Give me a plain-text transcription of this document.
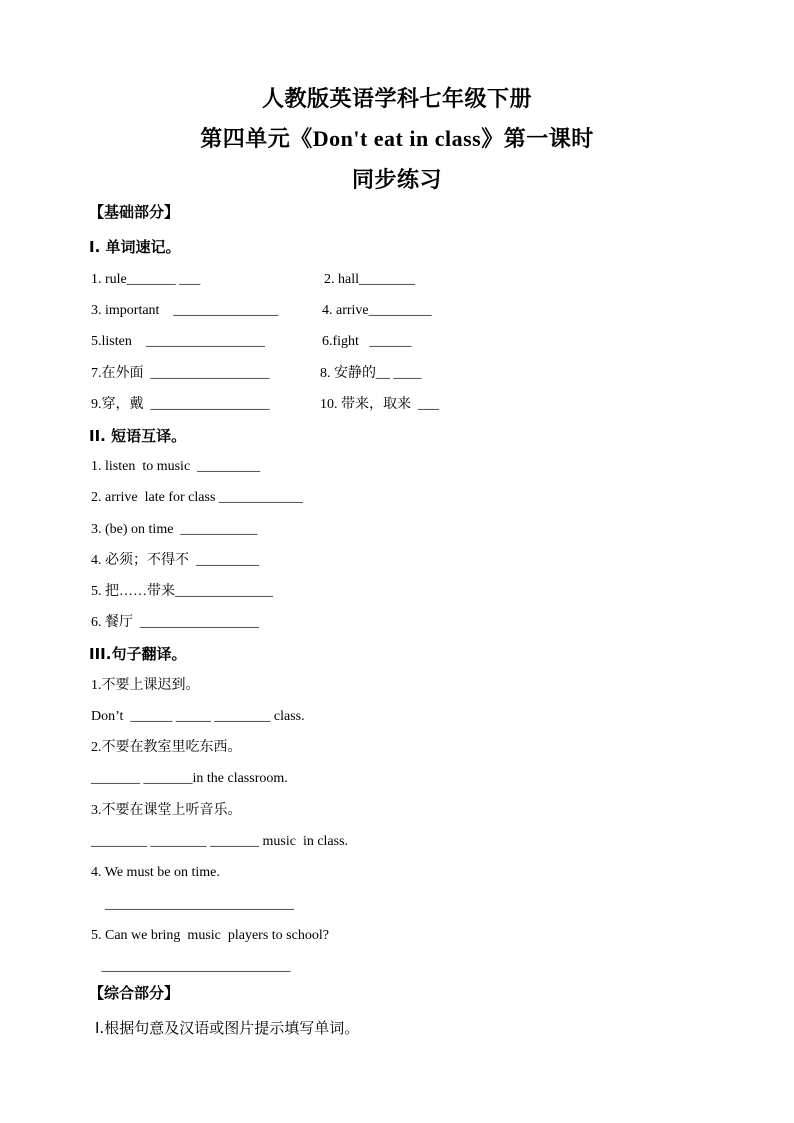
人教版英语学科七年级下册
第四单元《Don't eat in class》第一课时
同步练习
【基础部分】
I. 单词速记。
1. rule_______ ___	2. hall________
3. important    _______________	4. arrive_________
5.listen    _________________	6.fight   ______
7.在外面  _________________	8. 安静的__ ____
9.穿，戴  _________________	10. 带来，取来  ___
II. 短语互译。
1. listen  to music  _________
2. arrive  late for class ____________
3. (be) on time  ___________
4. 必须；不得不  _________
5. 把……带来______________
6. 餐厅  _________________
III.句子翻译。
1.不要上课迟到。
Don’t  ______ _____ ________ class.
2.不要在教室里吃东西。
_______ _______in the classroom.
3.不要在课堂上听音乐。
________ ________ _______ music  in class.
4. We must be on time.
___________________________
5. Can we bring  music  players to school?
___________________________
【综合部分】
Ⅰ.根据句意及汉语或图片提示填写单词。
